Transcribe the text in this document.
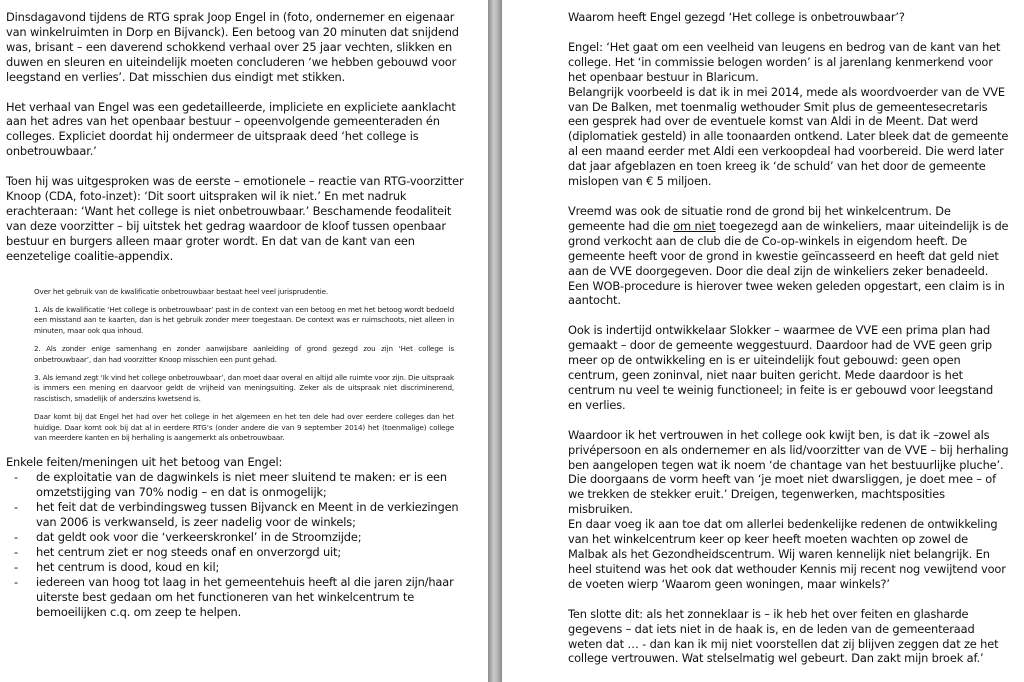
Dinsdagavond tijdens de RTG sprak Joop Engel in (foto, ondernemer en eigenaar van winkelruimten in Dorp en Bijvanck). Een betoog van 20 minuten dat snijdend was, brisant – een daverend schokkend verhaal over 25 jaar vechten, slikken en duwen en sleuren en uiteindelijk moeten concluderen ‘we hebben gebouwd voor leegstand en verlies’. Dat misschien dus eindigt met stikken.

Het verhaal van Engel was een gedetailleerde, impliciete en expliciete aanklacht aan het adres van het openbaar bestuur – opeenvolgende gemeenteraden én colleges. Expliciet doordat hij ondermeer de uitspraak deed ‘het college is onbetrouwbaar.’

Toen hij was uitgesproken was de eerste – emotionele – reactie van RTG-voorzitter Knoop (CDA, foto-inzet): ‘Dit soort uitspraken wil ik niet.’ En met nadruk erachteraan: ‘Want het college is niet onbetrouwbaar.’ Beschamende feodaliteit van deze voorzitter – bij uitstek het gedrag waardoor de kloof tussen openbaar bestuur en burgers alleen maar groter wordt. En dat van de kant van een eenzetelige coalitie-appendix.

Over het gebruik van de kwalificatie onbetrouwbaar bestaat heel veel jurisprudentie.

1. Als de kwalificatie ‘Het college is onbetrouwbaar’ past in de context van een betoog en met het betoog wordt bedoeld een misstand aan te kaarten, dan is het gebruik zonder meer toegestaan. De context was er ruimschoots, niet alleen in minuten, maar ook qua inhoud.

2. Als zonder enige samenhang en zonder aanwijsbare aanleiding of grond gezegd zou zijn ‘Het college is onbetrouwbaar’, dan had voorzitter Knoop misschien een punt gehad.

3. Als iemand zegt ‘Ik vind het college onbetrouwbaar’, dan moet daar overal en altijd alle ruimte voor zijn. Die uitspraak is immers een mening en daarvoor geldt de vrijheid van meningsuiting. Zeker als de uitspraak niet discriminerend, rascistisch, smadelijk of anderszins kwetsend is.

Daar komt bij dat Engel het had over het college in het algemeen en het ten dele had over eerdere colleges dan het huidige. Daar komt ook bij dat al in eerdere RTG’s (onder andere die van 9 september 2014) het (toenmalige) college van meerdere kanten en bij herhaling is aangemerkt als onbetrouwbaar.

Enkele feiten/meningen uit het betoog van Engel:
- de exploitatie van de dagwinkels is niet meer sluitend te maken: er is een omzetstijging van 70% nodig – en dat is onmogelijk;
- het feit dat de verbindingsweg tussen Bijvanck en Meent in de verkiezingen van 2006 is verkwanseld, is zeer nadelig voor de winkels;
- dat geldt ook voor die ‘verkeerskronkel’ in de Stroomzijde;
- het centrum ziet er nog steeds onaf en onverzorgd uit;
- het centrum is dood, koud en kil;
- iedereen van hoog tot laag in het gemeentehuis heeft al die jaren zijn/haar uiterste best gedaan om het functioneren van het winkelcentrum te bemoeilijken c.q. om zeep te helpen.

Waarom heeft Engel gezegd ‘Het college is onbetrouwbaar’?

Engel: ‘Het gaat om een veelheid van leugens en bedrog van de kant van het college. Het ‘in commissie belogen worden’ is al jarenlang kenmerkend voor het openbaar bestuur in Blaricum.
Belangrijk voorbeeld is dat ik in mei 2014, mede als woordvoerder van de VVE van De Balken, met toenmalig wethouder Smit plus de gemeentesecretaris een gesprek had over de eventuele komst van Aldi in de Meent. Dat werd (diplomatiek gesteld) in alle toonaarden ontkend. Later bleek dat de gemeente al een maand eerder met Aldi een verkoopdeal had voorbereid. Die werd later dat jaar afgeblazen en toen kreeg ik ‘de schuld’ van het door de gemeente mislopen van € 5 miljoen.

Vreemd was ook de situatie rond de grond bij het winkelcentrum. De gemeente had die om niet toegezegd aan de winkeliers, maar uiteindelijk is de grond verkocht aan de club die de Co-op-winkels in eigendom heeft. De gemeente heeft voor de grond in kwestie geïncasseerd en heeft dat geld niet aan de VVE doorgegeven. Door die deal zijn de winkeliers zeker benadeeld. Een WOB-procedure is hierover twee weken geleden opgestart, een claim is in aantocht.

Ook is indertijd ontwikkelaar Slokker – waarmee de VVE een prima plan had gemaakt – door de gemeente weggestuurd. Daardoor had de VVE geen grip meer op de ontwikkeling en is er uiteindelijk fout gebouwd: geen open centrum, geen zoninval, niet naar buiten gericht. Mede daardoor is het centrum nu veel te weinig functioneel; in feite is er gebouwd voor leegstand en verlies.

Waardoor ik het vertrouwen in het college ook kwijt ben, is dat ik –zowel als privépersoon en als ondernemer en als lid/voorzitter van de VVE – bij herhaling ben aangelopen tegen wat ik noem ‘de chantage van het bestuurlijke pluche’. Die doorgaans de vorm heeft van ‘je moet niet dwarsliggen, je doet mee – of we trekken de stekker eruit.’ Dreigen, tegenwerken, machtsposities misbruiken.
En daar voeg ik aan toe dat om allerlei bedenkelijke redenen de ontwikkeling van het winkelcentrum keer op keer heeft moeten wachten op zowel de Malbak als het Gezondheidscentrum. Wij waren kennelijk niet belangrijk. En heel stuitend was het ook dat wethouder Kennis mij recent nog vewijtend voor de voeten wierp ‘Waarom geen woningen, maar winkels?’

Ten slotte dit: als het zonneklaar is – ik heb het over feiten en glasharde gegevens – dat iets niet in de haak is, en de leden van de gemeenteraad weten dat … - dan kan ik mij niet voorstellen dat zij blijven zeggen dat ze het college vertrouwen. Wat stelselmatig wel gebeurt. Dan zakt mijn broek af.’
